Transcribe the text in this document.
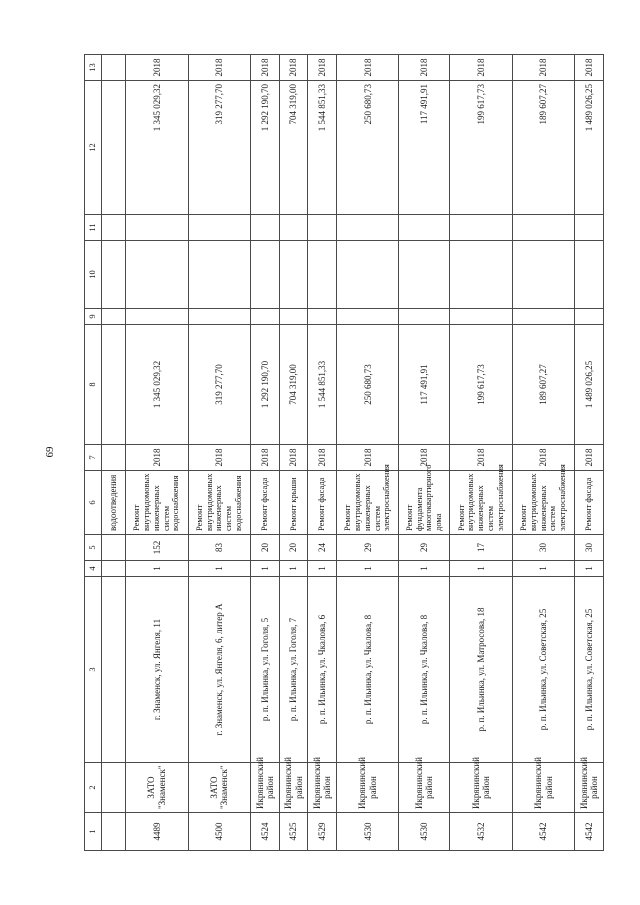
69
1	2	3	4	5	6	7	8	9	10	11	12	13
					водоотведения							
4489	ЗАТО "Знаменск"	г. Знаменск, ул. Янгеля, 11	1	152	Ремонт внутридомовых инженерных систем водоснабжения	2018	1 345 029,32				1 345 029,32	2018
4500	ЗАТО "Знаменск"	г. Знаменск, ул. Янгеля, 6, литер А	1	83	Ремонт внутридомовых инженерных систем водоснабжения	2018	319 277,70				319 277,70	2018
4524	Икрянинский район	р. п. Ильинка, ул. Гоголя, 5	1	20	Ремонт фасада	2018	1 292 190,70				1 292 190,70	2018
4525	Икрянинский район	р. п. Ильинка, ул. Гоголя, 7	1	20	Ремонт крыши	2018	704 319,00				704 319,00	2018
4529	Икрянинский район	р. п. Ильинка, ул. Чкалова, 6	1	24	Ремонт фасада	2018	1 544 851,33				1 544 851,33	2018
4530	Икрянинский район	р. п. Ильинка, ул. Чкалова, 8	1	29	Ремонт внутридомовых инженерных систем электроснабжения	2018	250 680,73				250 680,73	2018
4530	Икрянинский район	р. п. Ильинка, ул. Чкалова, 8	1	29	Ремонт фундамента многоквартирного дома	2018	117 491,91				117 491,91	2018
4532	Икрянинский район	р. п. Ильинка, ул. Матросова, 18	1	17	Ремонт внутридомовых инженерных систем электроснабжения	2018	199 617,73				199 617,73	2018
4542	Икрянинский район	р. п. Ильинка, ул. Советская, 25	1	30	Ремонт внутридомовых инженерных систем электроснабжения	2018	189 607,27				189 607,27	2018
4542	Икрянинский район	р. п. Ильинка, ул. Советская, 25	1	30	Ремонт фасада	2018	1 489 026,25				1 489 026,25	2018
